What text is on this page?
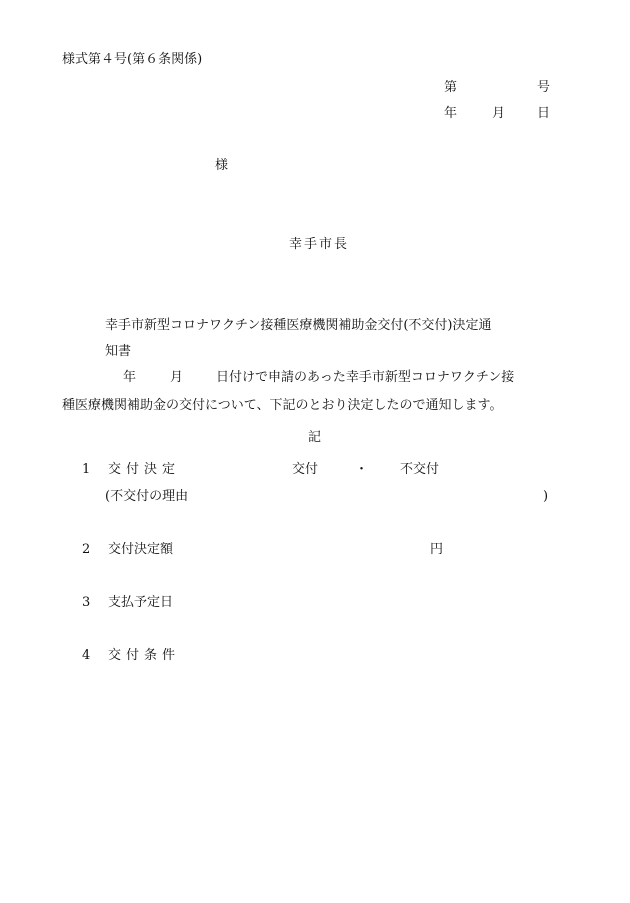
様式第４号(第６条関係)
第	号
年	月 日
様
幸手市長
幸手市新型コロナワクチン接種医療機関補助金交付(不交付)決定通
知書
年	月	日付けで申請のあった幸手市新型コロナワクチン接
種医療機関補助金の交付について、下記のとおり決定したので通知します。
記
1 交付決定	交付	・ 不交付
(不交付の理由	)
2 交付決定額	円
3 支払予定日
4 交付条件
